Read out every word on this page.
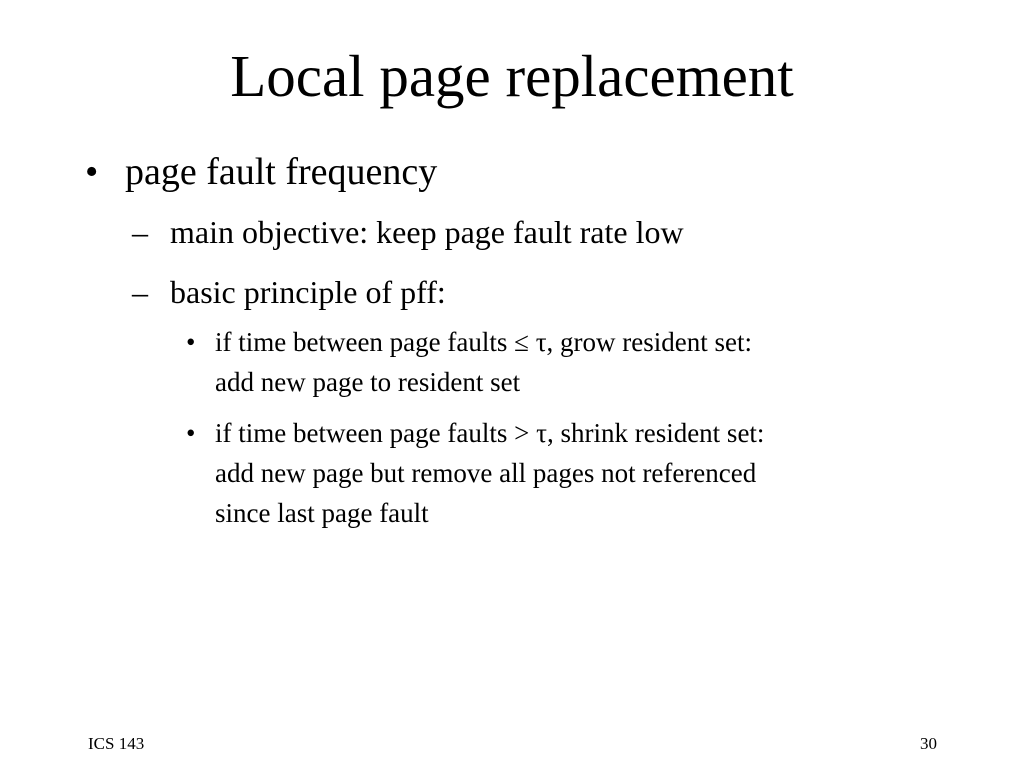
Local page replacement
• page fault frequency
– main objective: keep page fault rate low
– basic principle of pff:
• if time between page faults ≤ τ, grow resident set:
add new page to resident set
• if time between page faults > τ, shrink resident set:
add new page but remove all pages not referenced
since last page fault
ICS 143	30
